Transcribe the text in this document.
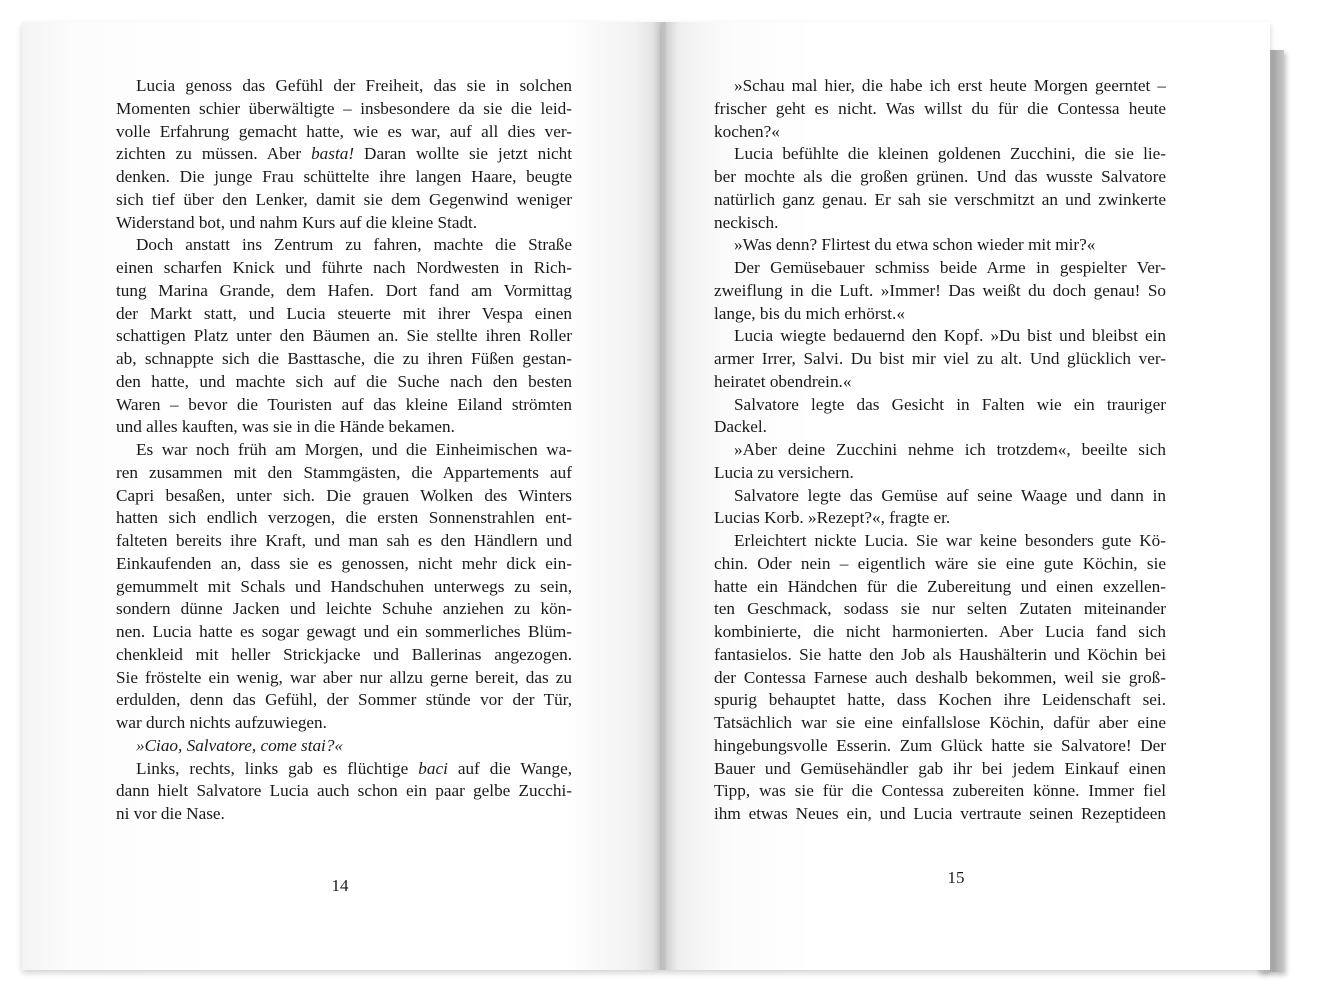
Lucia genoss das Gefühl der Freiheit, das sie in solchen
Momenten schier überwältigte – insbesondere da sie die leid-
volle Erfahrung gemacht hatte, wie es war, auf all dies ver-
zichten zu müssen. Aber basta! Daran wollte sie jetzt nicht
denken. Die junge Frau schüttelte ihre langen Haare, beugte
sich tief über den Lenker, damit sie dem Gegenwind weniger
Widerstand bot, und nahm Kurs auf die kleine Stadt.
Doch anstatt ins Zentrum zu fahren, machte die Straße
einen scharfen Knick und führte nach Nordwesten in Rich-
tung Marina Grande, dem Hafen. Dort fand am Vormittag
der Markt statt, und Lucia steuerte mit ihrer Vespa einen
schattigen Platz unter den Bäumen an. Sie stellte ihren Roller
ab, schnappte sich die Basttasche, die zu ihren Füßen gestan-
den hatte, und machte sich auf die Suche nach den besten
Waren – bevor die Touristen auf das kleine Eiland strömten
und alles kauften, was sie in die Hände bekamen.
Es war noch früh am Morgen, und die Einheimischen wa-
ren zusammen mit den Stammgästen, die Appartements auf
Capri besaßen, unter sich. Die grauen Wolken des Winters
hatten sich endlich verzogen, die ersten Sonnenstrahlen ent-
falteten bereits ihre Kraft, und man sah es den Händlern und
Einkaufenden an, dass sie es genossen, nicht mehr dick ein-
gemummelt mit Schals und Handschuhen unterwegs zu sein,
sondern dünne Jacken und leichte Schuhe anziehen zu kön-
nen. Lucia hatte es sogar gewagt und ein sommerliches Blüm-
chenkleid mit heller Strickjacke und Ballerinas angezogen.
Sie fröstelte ein wenig, war aber nur allzu gerne bereit, das zu
erdulden, denn das Gefühl, der Sommer stünde vor der Tür,
war durch nichts aufzuwiegen.
»Ciao, Salvatore, come stai?«
Links, rechts, links gab es flüchtige baci auf die Wange,
dann hielt Salvatore Lucia auch schon ein paar gelbe Zucchi-
ni vor die Nase.
14
»Schau mal hier, die habe ich erst heute Morgen geerntet –
frischer geht es nicht. Was willst du für die Contessa heute
kochen?«
Lucia befühlte die kleinen goldenen Zucchini, die sie lie-
ber mochte als die großen grünen. Und das wusste Salvatore
natürlich ganz genau. Er sah sie verschmitzt an und zwinkerte
neckisch.
»Was denn? Flirtest du etwa schon wieder mit mir?«
Der Gemüsebauer schmiss beide Arme in gespielter Ver-
zweiflung in die Luft. »Immer! Das weißt du doch genau! So
lange, bis du mich erhörst.«
Lucia wiegte bedauernd den Kopf. »Du bist und bleibst ein
armer Irrer, Salvi. Du bist mir viel zu alt. Und glücklich ver-
heiratet obendrein.«
Salvatore legte das Gesicht in Falten wie ein trauriger
Dackel.
»Aber deine Zucchini nehme ich trotzdem«, beeilte sich
Lucia zu versichern.
Salvatore legte das Gemüse auf seine Waage und dann in
Lucias Korb. »Rezept?«, fragte er.
Erleichtert nickte Lucia. Sie war keine besonders gute Kö-
chin. Oder nein – eigentlich wäre sie eine gute Köchin, sie
hatte ein Händchen für die Zubereitung und einen exzellen-
ten Geschmack, sodass sie nur selten Zutaten miteinander
kombinierte, die nicht harmonierten. Aber Lucia fand sich
fantasielos. Sie hatte den Job als Haushälterin und Köchin bei
der Contessa Farnese auch deshalb bekommen, weil sie groß-
spurig behauptet hatte, dass Kochen ihre Leidenschaft sei.
Tatsächlich war sie eine einfallslose Köchin, dafür aber eine
hingebungsvolle Esserin. Zum Glück hatte sie Salvatore! Der
Bauer und Gemüsehändler gab ihr bei jedem Einkauf einen
Tipp, was sie für die Contessa zubereiten könne. Immer fiel
ihm etwas Neues ein, und Lucia vertraute seinen Rezeptideen
15
